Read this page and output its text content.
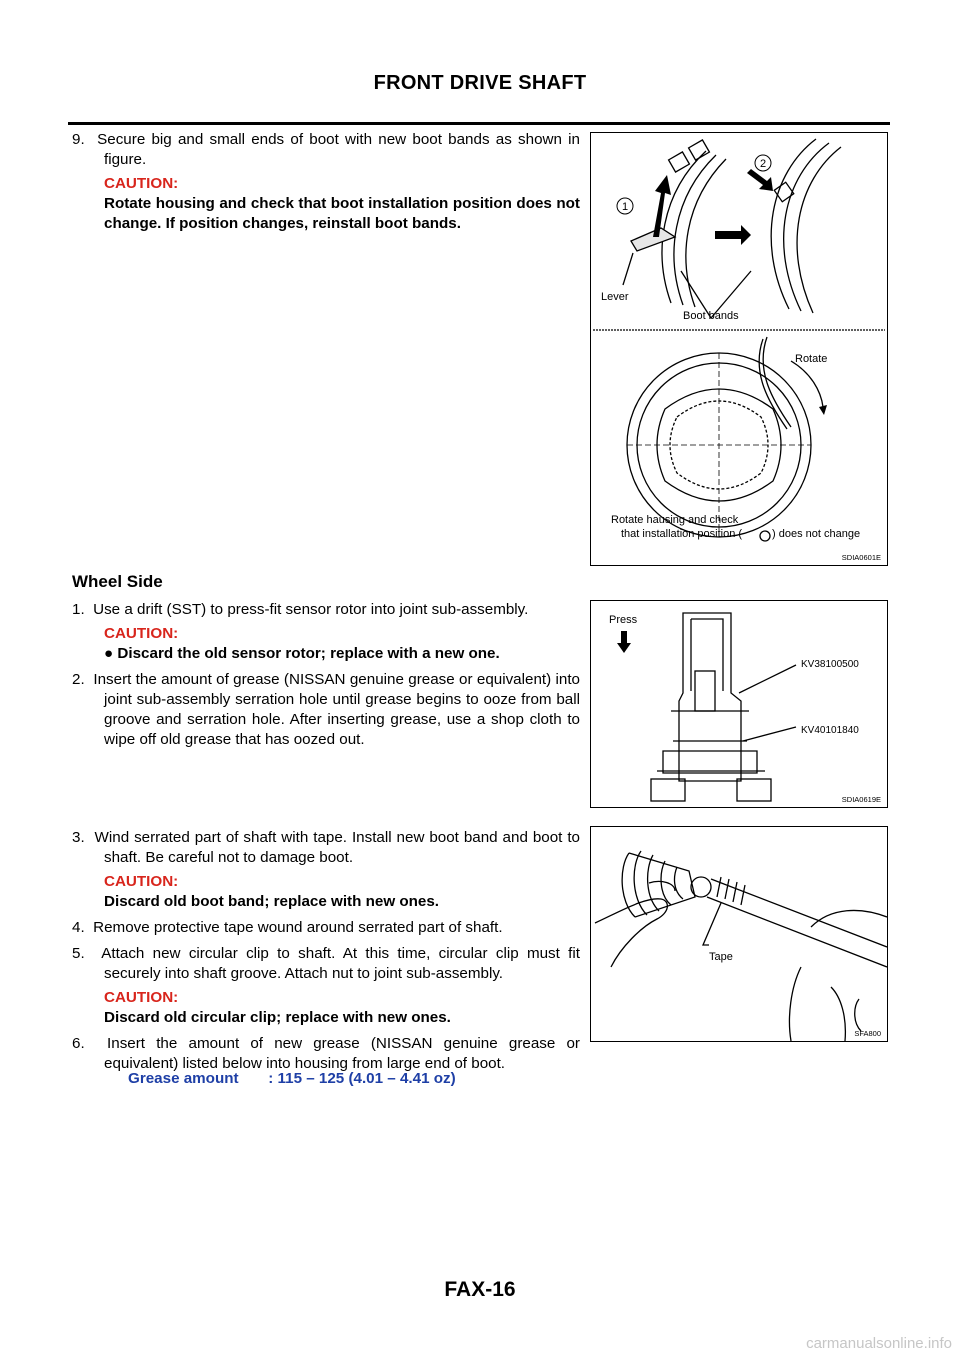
FRONT DRIVE SHAFT
9. Secure big and small ends of boot with new boot bands as shown in figure.
CAUTION:
Rotate housing and check that boot installation position does not change. If position changes, reinstall boot bands.
1
2
Lever
Boot bands
Rotate
Rotate hausing and check
that installation position (	) does not change
SDIA0601E
Wheel Side
1. Use a drift (SST) to press-fit sensor rotor into joint sub-assembly.
CAUTION:
● Discard the old sensor rotor; replace with a new one.
2. Insert the amount of grease (NISSAN genuine grease or equivalent) into joint sub-assembly serration hole until grease begins to ooze from ball groove and serration hole. After inserting grease, use a shop cloth to wipe off old grease that has oozed out.
Press
KV38100500
KV40101840
SDIA0619E
3. Wind serrated part of shaft with tape. Install new boot band and boot to shaft. Be careful not to damage boot.
CAUTION:
Discard old boot band; replace with new ones.
4. Remove protective tape wound around serrated part of shaft.
5. Attach new circular clip to shaft. At this time, circular clip must fit securely into shaft groove. Attach nut to joint sub-assembly.
CAUTION:
Discard old circular clip; replace with new ones.
6. Insert the amount of new grease (NISSAN genuine grease or equivalent) listed below into housing from large end of boot.
Tape
SFA800
Grease amount : 115 – 125 (4.01 – 4.41 oz)
FAX-16
carmanualsonline.info
